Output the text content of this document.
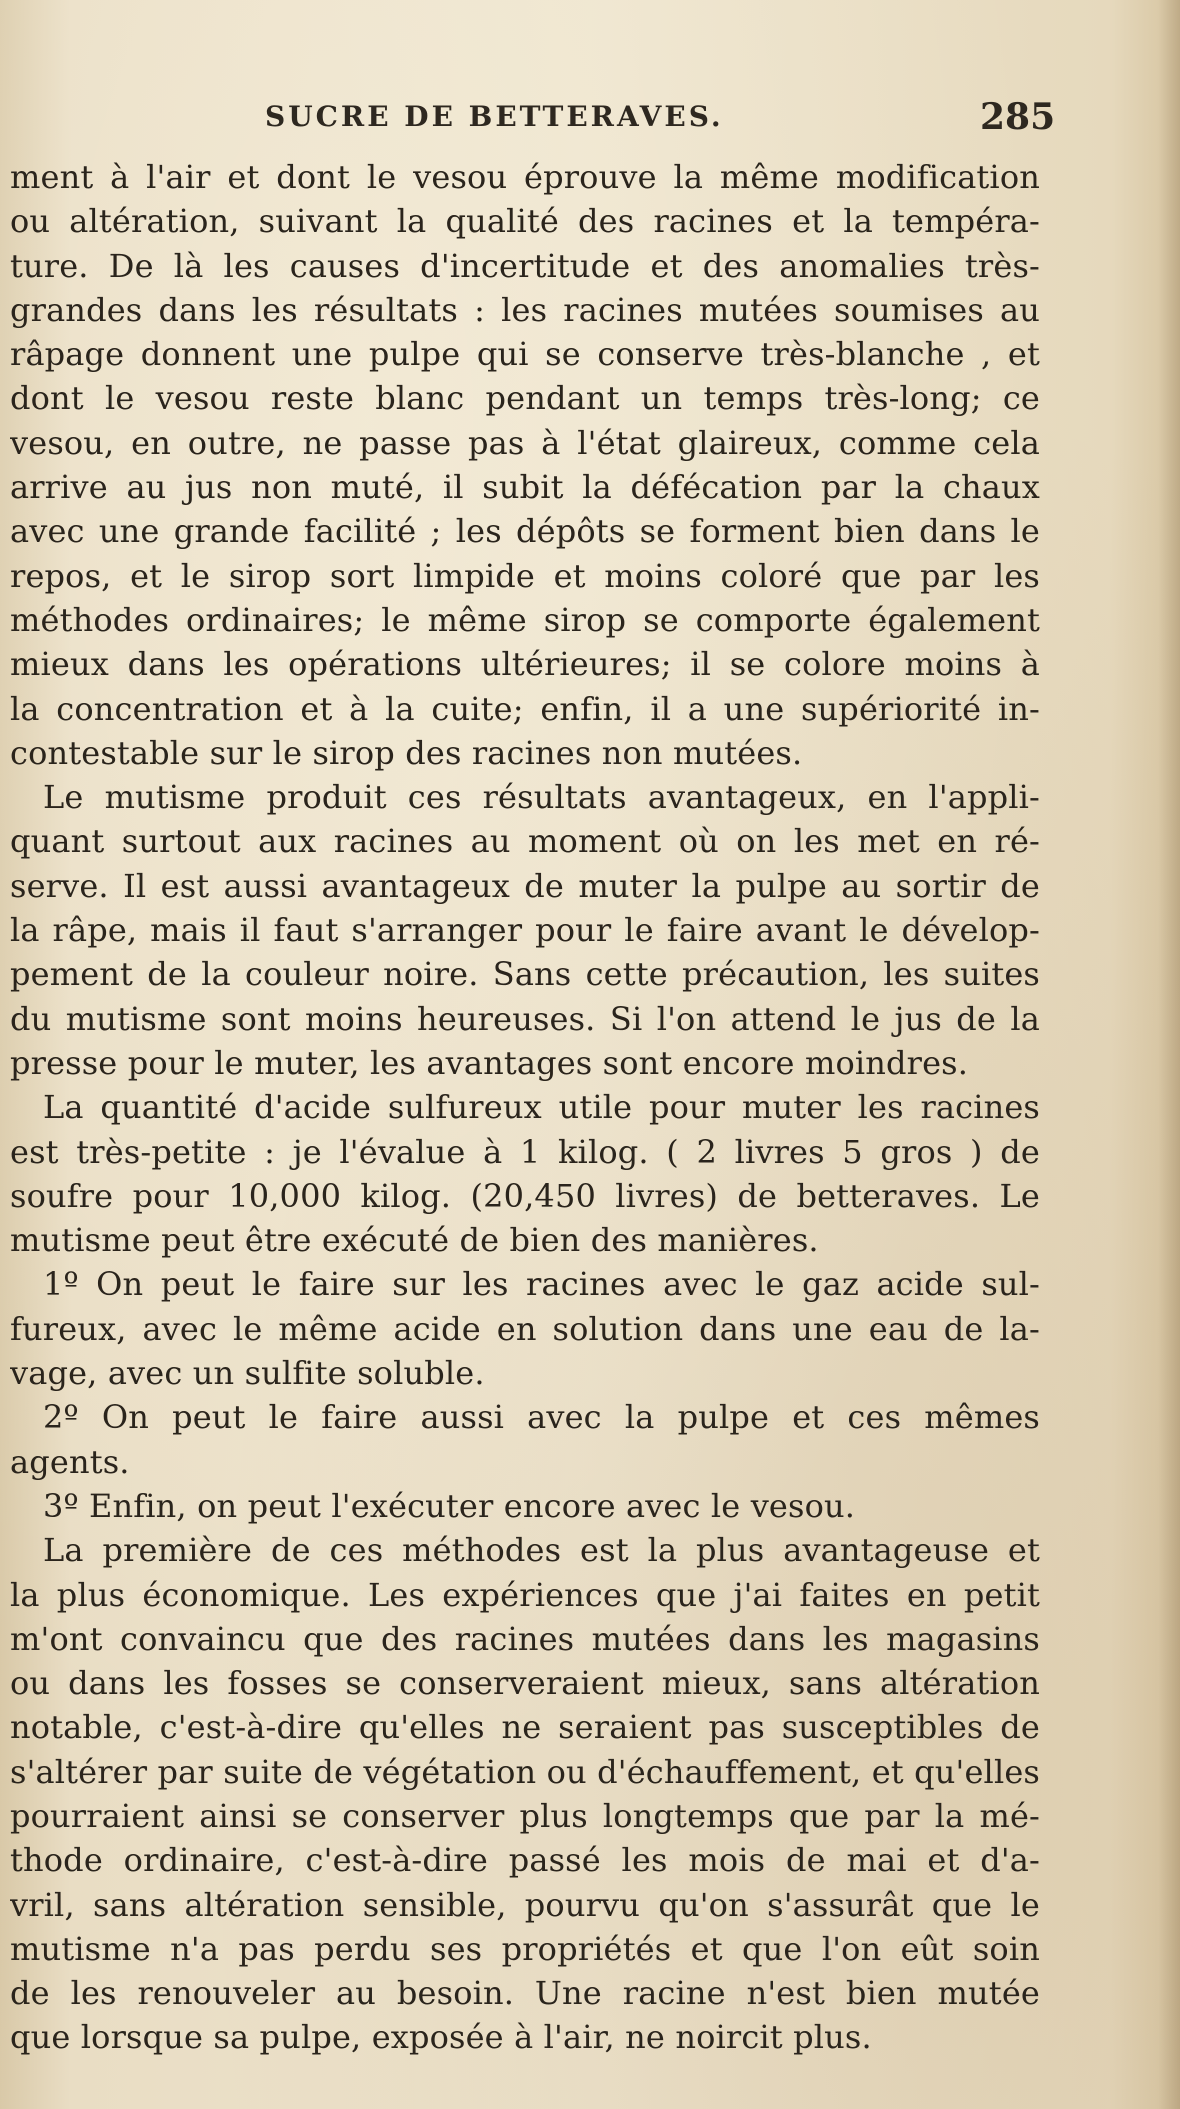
SUCRE DE BETTERAVES.	285
ment à l'air et dont le vesou éprouve la même modification
ou altération, suivant la qualité des racines et la tempéra-
ture. De là les causes d'incertitude et des anomalies très-
grandes dans les résultats : les racines mutées soumises au
râpage donnent une pulpe qui se conserve très-blanche , et
dont le vesou reste blanc pendant un temps très-long; ce
vesou, en outre, ne passe pas à l'état glaireux, comme cela
arrive au jus non muté, il subit la défécation par la chaux
avec une grande facilité ; les dépôts se forment bien dans le
repos, et le sirop sort limpide et moins coloré que par les
méthodes ordinaires; le même sirop se comporte également
mieux dans les opérations ultérieures; il se colore moins à
la concentration et à la cuite; enfin, il a une supériorité in-
contestable sur le sirop des racines non mutées.
Le mutisme produit ces résultats avantageux, en l'appli-
quant surtout aux racines au moment où on les met en ré-
serve. Il est aussi avantageux de muter la pulpe au sortir de
la râpe, mais il faut s'arranger pour le faire avant le dévelop-
pement de la couleur noire. Sans cette précaution, les suites
du mutisme sont moins heureuses. Si l'on attend le jus de la
presse pour le muter, les avantages sont encore moindres.
La quantité d'acide sulfureux utile pour muter les racines
est très-petite : je l'évalue à 1 kilog. ( 2 livres 5 gros ) de
soufre pour 10,000 kilog. (20,450 livres) de betteraves. Le
mutisme peut être exécuté de bien des manières.
1º On peut le faire sur les racines avec le gaz acide sul-
fureux, avec le même acide en solution dans une eau de la-
vage, avec un sulfite soluble.
2º On peut le faire aussi avec la pulpe et ces mêmes
agents.
3º Enfin, on peut l'exécuter encore avec le vesou.
La première de ces méthodes est la plus avantageuse et
la plus économique. Les expériences que j'ai faites en petit
m'ont convaincu que des racines mutées dans les magasins
ou dans les fosses se conserveraient mieux, sans altération
notable, c'est-à-dire qu'elles ne seraient pas susceptibles de
s'altérer par suite de végétation ou d'échauffement, et qu'elles
pourraient ainsi se conserver plus longtemps que par la mé-
thode ordinaire, c'est-à-dire passé les mois de mai et d'a-
vril, sans altération sensible, pourvu qu'on s'assurât que le
mutisme n'a pas perdu ses propriétés et que l'on eût soin
de les renouveler au besoin. Une racine n'est bien mutée
que lorsque sa pulpe, exposée à l'air, ne noircit plus.
